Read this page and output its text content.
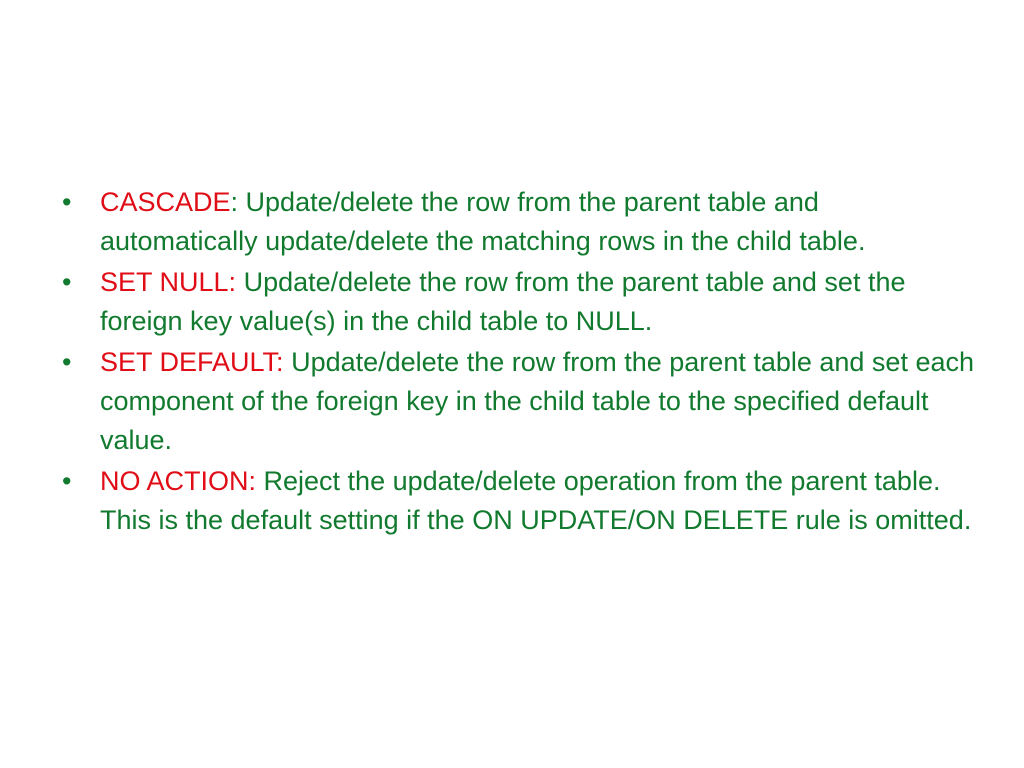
• CASCADE: Update/delete the row from the parent table and automatically update/delete the matching rows in the child table.
• SET NULL: Update/delete the row from the parent table and set the foreign key value(s) in the child table to NULL.
• SET DEFAULT: Update/delete the row from the parent table and set each component of the foreign key in the child table to the specified default value.
• NO ACTION: Reject the update/delete operation from the parent table. This is the default setting if the ON UPDATE/ON DELETE rule is omitted.
